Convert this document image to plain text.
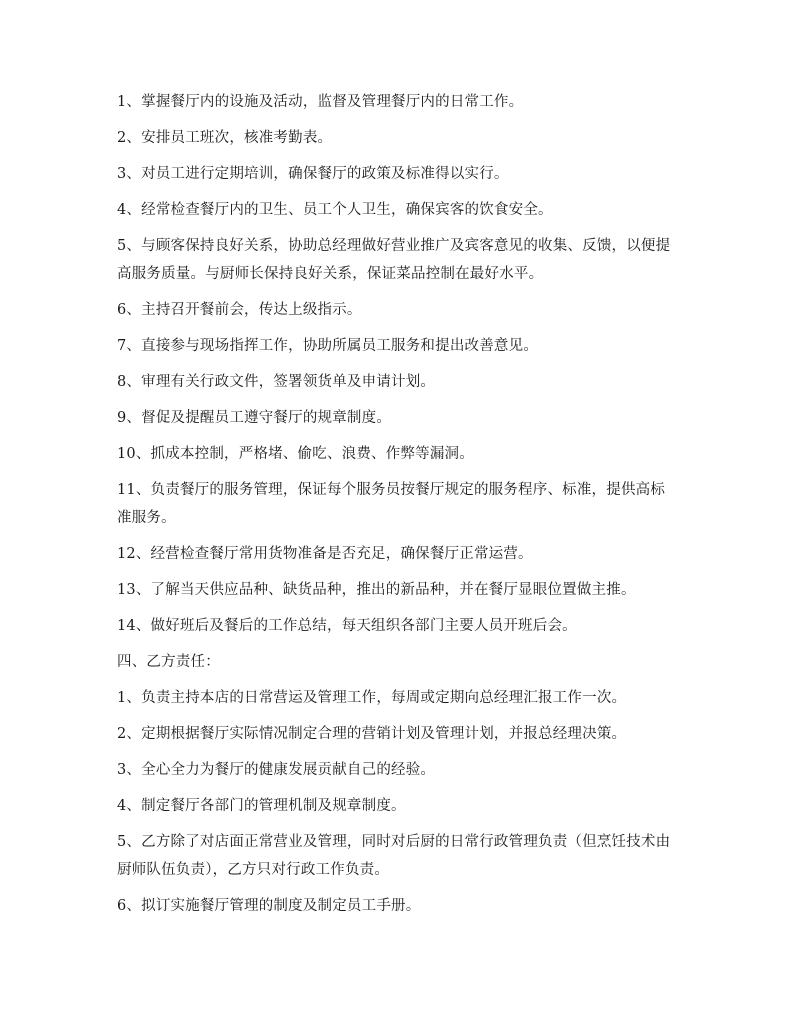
1、掌握餐厅内的设施及活动，监督及管理餐厅内的日常工作。

2、安排员工班次，核准考勤表。

3、对员工进行定期培训，确保餐厅的政策及标准得以实行。

4、经常检查餐厅内的卫生、员工个人卫生，确保宾客的饮食安全。

5、与顾客保持良好关系，协助总经理做好营业推广及宾客意见的收集、反馈，以便提高服务质量。与厨师长保持良好关系，保证菜品控制在最好水平。

6、主持召开餐前会，传达上级指示。

7、直接参与现场指挥工作，协助所属员工服务和提出改善意见。

8、审理有关行政文件，签署领货单及申请计划。

9、督促及提醒员工遵守餐厅的规章制度。

10、抓成本控制，严格堵、偷吃、浪费、作弊等漏洞。

11、负责餐厅的服务管理，保证每个服务员按餐厅规定的服务程序、标准，提供高标准服务。

12、经营检查餐厅常用货物准备是否充足，确保餐厅正常运营。

13、了解当天供应品种、缺货品种，推出的新品种，并在餐厅显眼位置做主推。

14、做好班后及餐后的工作总结，每天组织各部门主要人员开班后会。

四、乙方责任：

1、负责主持本店的日常营运及管理工作，每周或定期向总经理汇报工作一次。

2、定期根据餐厅实际情况制定合理的营销计划及管理计划，并报总经理决策。

3、全心全力为餐厅的健康发展贡献自己的经验。

4、制定餐厅各部门的管理机制及规章制度。

5、乙方除了对店面正常营业及管理，同时对后厨的日常行政管理负责（但烹饪技术由厨师队伍负责），乙方只对行政工作负责。

6、拟订实施餐厅管理的制度及制定员工手册。
